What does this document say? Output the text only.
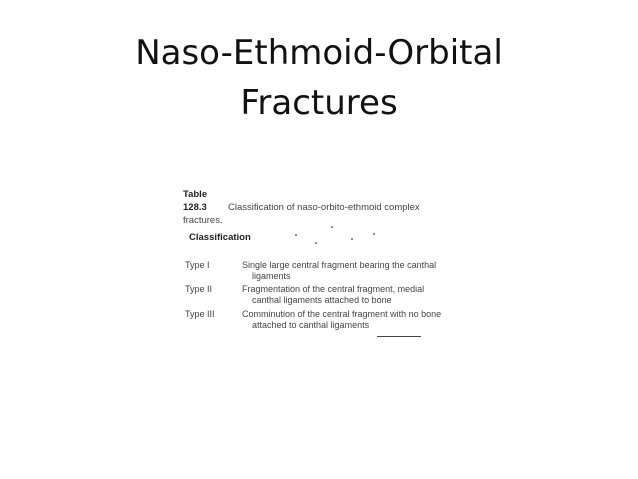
Naso-Ethmoid-Orbital
Fractures
Table 128.3 Classification of naso-orbito-ethmoid complex
fractures.
Classification
Type I	Single large central fragment bearing the canthal
ligaments
Type II	Fragmentation of the central fragment, medial
canthal ligaments attached to bone
Type III	Comminution of the central fragment with no bone
attached to canthal ligaments
